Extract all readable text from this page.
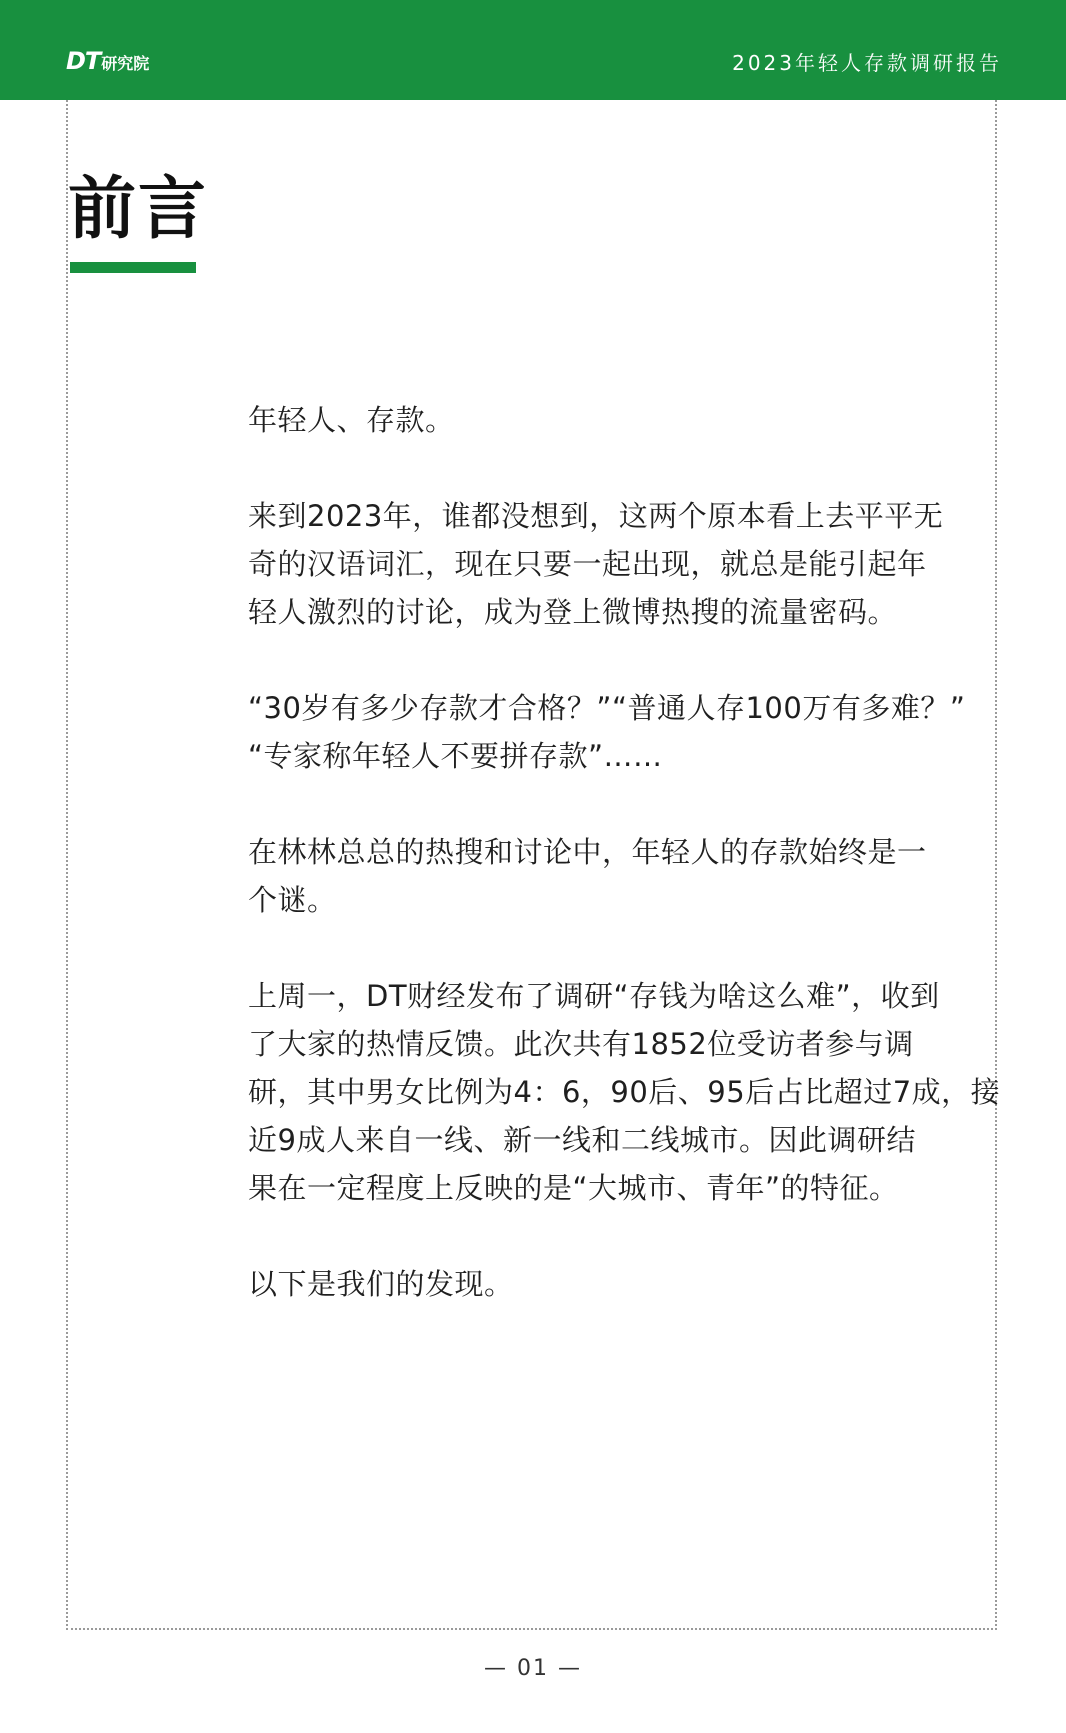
DT 研究院	2023年轻人存款调研报告
前言

年轻人、存款。

来到2023年，谁都没想到，这两个原本看上去平平无
奇的汉语词汇，现在只要一起出现，就总是能引起年
轻人激烈的讨论，成为登上微博热搜的流量密码。

“30岁有多少存款才合格？”“普通人存100万有多难？”
“专家称年轻人不要拼存款”……

在林林总总的热搜和讨论中，年轻人的存款始终是一
个谜。

上周一，DT财经发布了调研“存钱为啥这么难”，收到
了大家的热情反馈。此次共有1852位受访者参与调
研，其中男女比例为4：6，90后、95后占比超过7成，接
近9成人来自一线、新一线和二线城市。因此调研结
果在一定程度上反映的是“大城市、青年”的特征。

以下是我们的发现。

— 01 —
